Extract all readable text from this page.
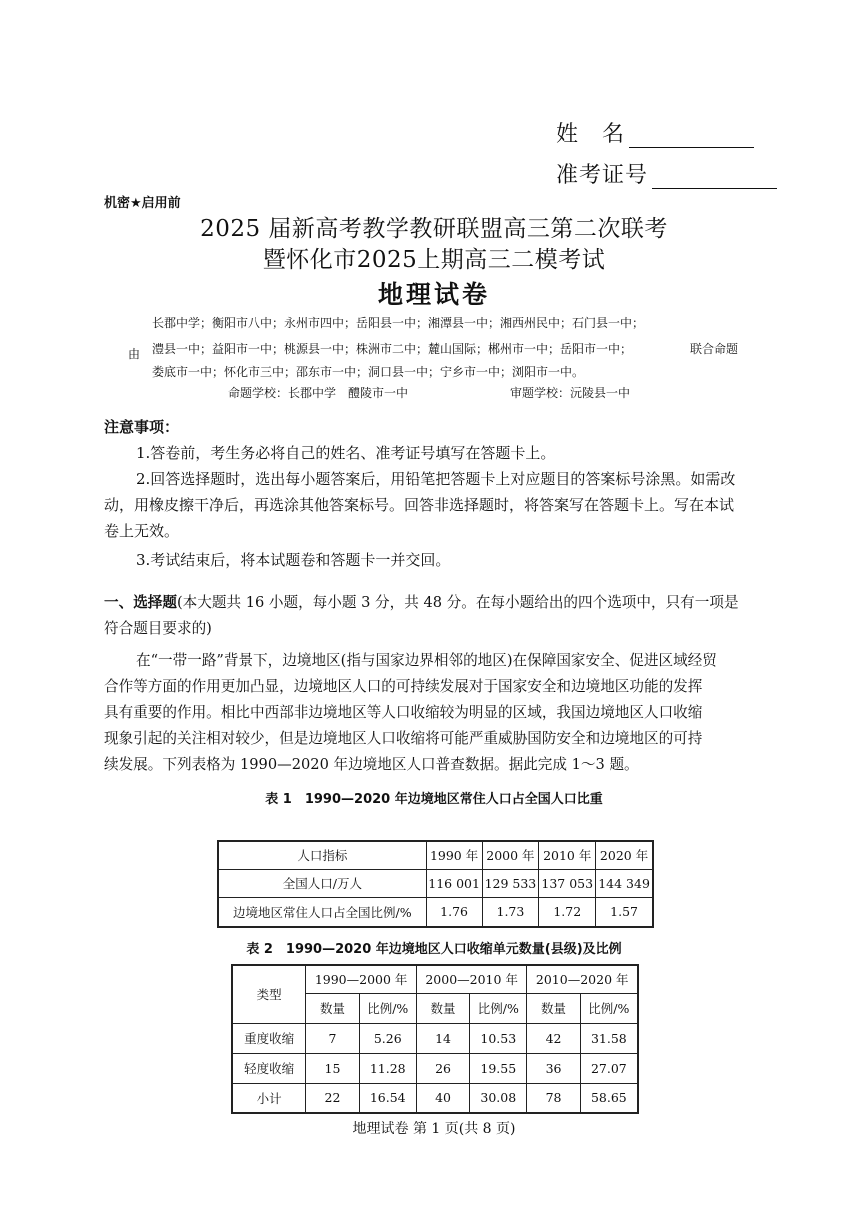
姓　名
准考证号
机密★启用前
2025 届新高考教学教研联盟高三第二次联考
暨怀化市2025上期高三二模考试
地理试卷
长郡中学；衡阳市八中；永州市四中；岳阳县一中；湘潭县一中；湘西州民中；石门县一中；
由 澧县一中；益阳市一中；桃源县一中；株洲市二中；麓山国际；郴州市一中；岳阳市一中；	联合命题
娄底市一中；怀化市三中；邵东市一中；洞口县一中；宁乡市一中；浏阳市一中。
命题学校：长郡中学　醴陵市一中	审题学校：沅陵县一中
注意事项：
1.答卷前，考生务必将自己的姓名、准考证号填写在答题卡上。
2.回答选择题时，选出每小题答案后，用铅笔把答题卡上对应题目的答案标号涂黑。如需改
动，用橡皮擦干净后，再选涂其他答案标号。回答非选择题时，将答案写在答题卡上。写在本试
卷上无效。
3.考试结束后，将本试题卷和答题卡一并交回。
一、选择题(本大题共 16 小题，每小题 3 分，共 48 分。在每小题给出的四个选项中，只有一项是
符合题目要求的)
在“一带一路”背景下，边境地区(指与国家边界相邻的地区)在保障国家安全、促进区域经贸
合作等方面的作用更加凸显，边境地区人口的可持续发展对于国家安全和边境地区功能的发挥
具有重要的作用。相比中西部非边境地区等人口收缩较为明显的区域，我国边境地区人口收缩
现象引起的关注相对较少，但是边境地区人口收缩将可能严重威胁国防安全和边境地区的可持
续发展。下列表格为 1990—2020 年边境地区人口普查数据。据此完成 1～3 题。
表 1　1990—2020 年边境地区常住人口占全国人口比重
人口指标	1990 年	2000 年	2010 年	2020 年
全国人口/万人	116 001	129 533	137 053	144 349
边境地区常住人口占全国比例/%	1.76	1.73	1.72	1.57
表 2　1990—2020 年边境地区人口收缩单元数量(县级)及比例
类型	1990—2000 年		2000—2010 年		2010—2020 年	
	数量	比例/%	数量	比例/%	数量	比例/%
重度收缩	7	5.26	14	10.53	42	31.58
轻度收缩	15	11.28	26	19.55	36	27.07
小计	22	16.54	40	30.08	78	58.65
地理试卷 第 1 页(共 8 页)
